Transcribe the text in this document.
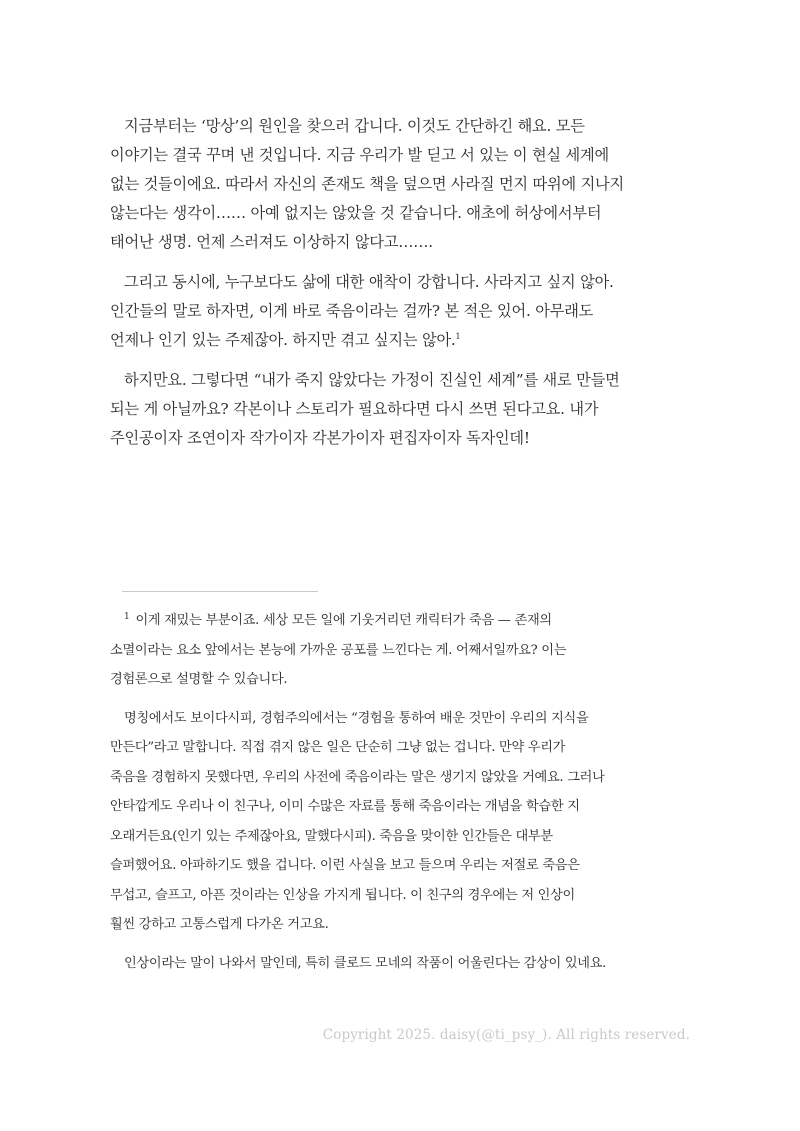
지금부터는 ‘망상’의 원인을 찾으러 갑니다. 이것도 간단하긴 해요. 모든
이야기는 결국 꾸며 낸 것입니다. 지금 우리가 발 딛고 서 있는 이 현실 세계에
없는 것들이에요. 따라서 자신의 존재도 책을 덮으면 사라질 먼지 따위에 지나지
않는다는 생각이…… 아예 없지는 않았을 것 같습니다. 애초에 허상에서부터
태어난 생명. 언제 스러져도 이상하지 않다고…….

그리고 동시에, 누구보다도 삶에 대한 애착이 강합니다. 사라지고 싶지 않아.
인간들의 말로 하자면, 이게 바로 죽음이라는 걸까? 본 적은 있어. 아무래도
언제나 인기 있는 주제잖아. 하지만 겪고 싶지는 않아.$^1$

하지만요. 그렇다면 “내가 죽지 않았다는 가정이 진실인 세계”를 새로 만들면
되는 게 아닐까요? 각본이나 스토리가 필요하다면 다시 쓰면 된다고요. 내가
주인공이자 조연이자 작가이자 각본가이자 편집자이자 독자인데!

$^1$ 이게 재밌는 부분이죠. 세상 모든 일에 기웃거리던 캐릭터가 죽음 — 존재의
소멸이라는 요소 앞에서는 본능에 가까운 공포를 느낀다는 게. 어째서일까요? 이는
경험론으로 설명할 수 있습니다.

명칭에서도 보이다시피, 경험주의에서는 “경험을 통하여 배운 것만이 우리의 지식을
만든다”라고 말합니다. 직접 겪지 않은 일은 단순히 그냥 없는 겁니다. 만약 우리가
죽음을 경험하지 못했다면, 우리의 사전에 죽음이라는 말은 생기지 않았을 거예요. 그러나
안타깝게도 우리나 이 친구나, 이미 수많은 자료를 통해 죽음이라는 개념을 학습한 지
오래거든요(인기 있는 주제잖아요, 말했다시피). 죽음을 맞이한 인간들은 대부분
슬퍼했어요. 아파하기도 했을 겁니다. 이런 사실을 보고 들으며 우리는 저절로 죽음은
무섭고, 슬프고, 아픈 것이라는 인상을 가지게 됩니다. 이 친구의 경우에는 저 인상이
훨씬 강하고 고통스럽게 다가온 거고요.

인상이라는 말이 나와서 말인데, 특히 클로드 모네의 작품이 어울린다는 감상이 있네요.

Copyright 2025. daisy(@ti_psy_). All rights reserved.
